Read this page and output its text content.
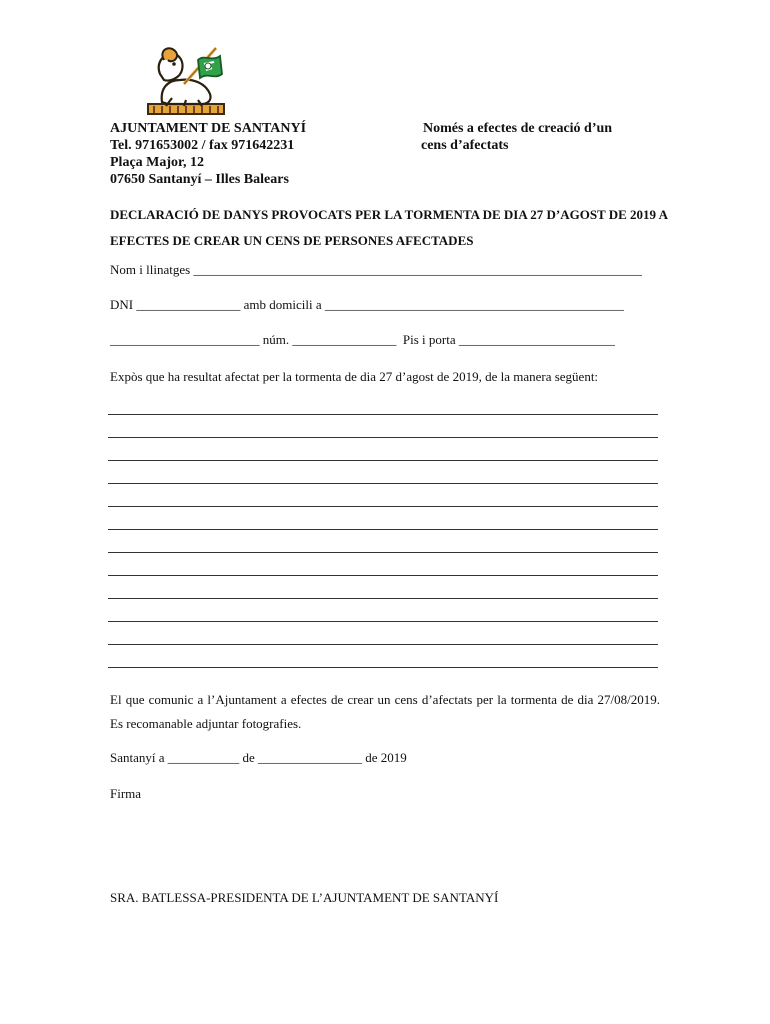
AJUNTAMENT DE SANTANYÍ
Tel. 971653002 / fax 971642231
Plaça Major, 12
07650 Santanyí – Illes Balears
Només a efectes de creació d’un
cens d’afectats
DECLARACIÓ DE DANYS PROVOCATS PER LA TORMENTA DE DIA 27 D’AGOST DE 2019 A EFECTES DE CREAR UN CENS DE PERSONES AFECTADES
Nom i llinatges _____________________________________________________________________
DNI ________________ amb domicili a ______________________________________________
_______________________ núm. ________________  Pis i porta ________________________
Expòs que ha resultat afectat per la tormenta de dia 27 d’agost de 2019, de la manera següent:
El que comunic a l’Ajuntament a efectes de crear un cens d’afectats per la tormenta de dia 27/08/2019. Es recomanable adjuntar fotografies.
Santanyí a ___________ de ________________ de 2019
Firma
SRA. BATLESSA-PRESIDENTA DE L’AJUNTAMENT DE SANTANYÍ
